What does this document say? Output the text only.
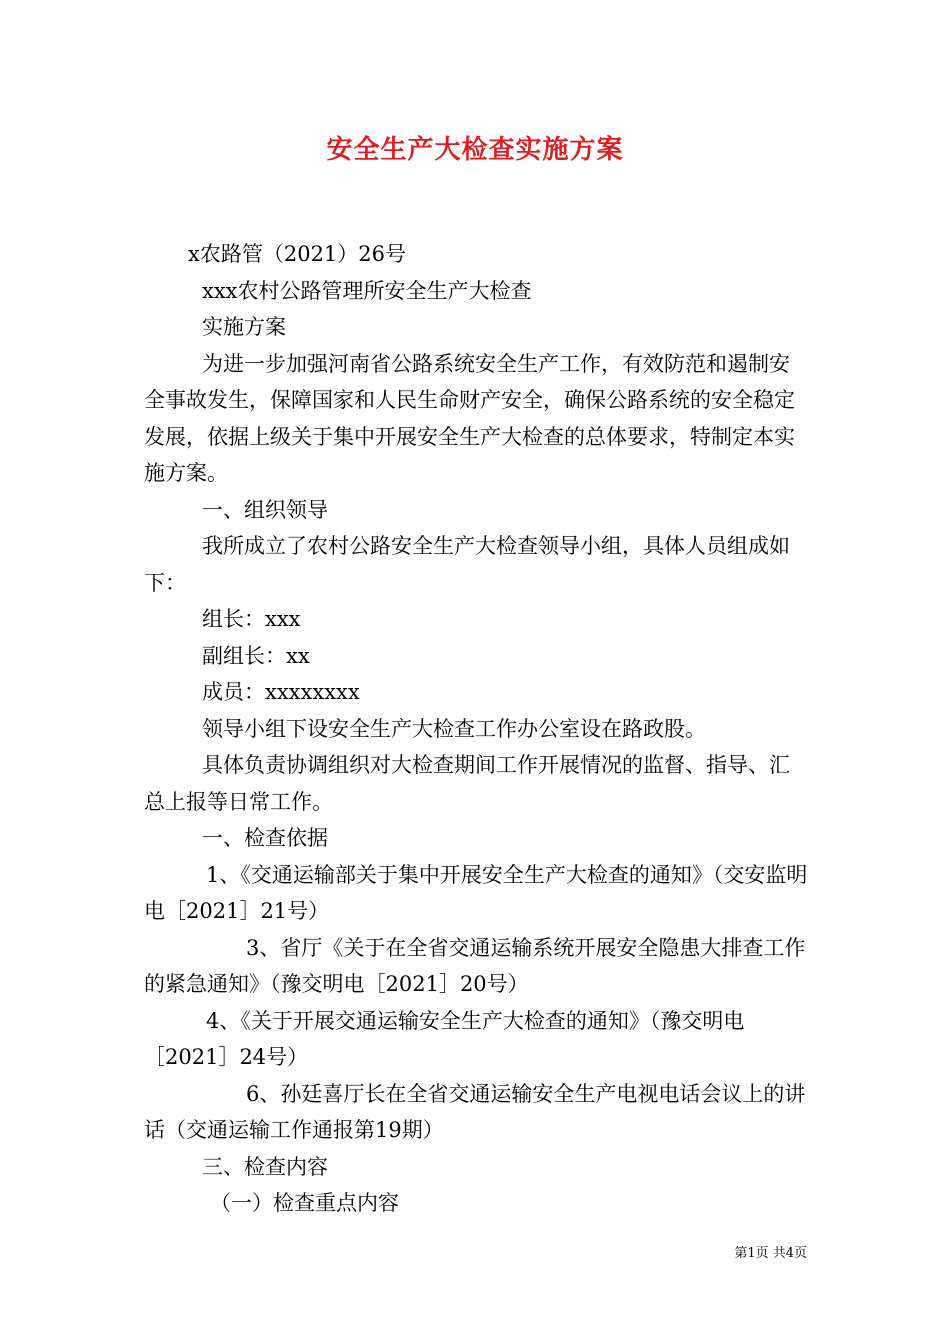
安全生产大检查实施方案

x农路管（2021）26号

xxx农村公路管理所安全生产大检查

实施方案

为进一步加强河南省公路系统安全生产工作，有效防范和遏制安全事故发生，保障国家和人民生命财产安全，确保公路系统的安全稳定发展，依据上级关于集中开展安全生产大检查的总体要求，特制定本实施方案。

一、组织领导

我所成立了农村公路安全生产大检查领导小组，具体人员组成如下：

组长：xxx

副组长：xx

成员：xxxxxxxx

领导小组下设安全生产大检查工作办公室设在路政股。

具体负责协调组织对大检查期间工作开展情况的监督、指导、汇总上报等日常工作。

一、检查依据

1、《交通运输部关于集中开展安全生产大检查的通知》（交安监明电［2021］21号）

3、省厅《关于在全省交通运输系统开展安全隐患大排查工作的紧急通知》（豫交明电［2021］20号）

4、《关于开展交通运输安全生产大检查的通知》（豫交明电［2021］24号）

6、孙廷喜厅长在全省交通运输安全生产电视电话会议上的讲话（交通运输工作通报第19期）

三、检查内容

（一）检查重点内容

第1页 共4页
